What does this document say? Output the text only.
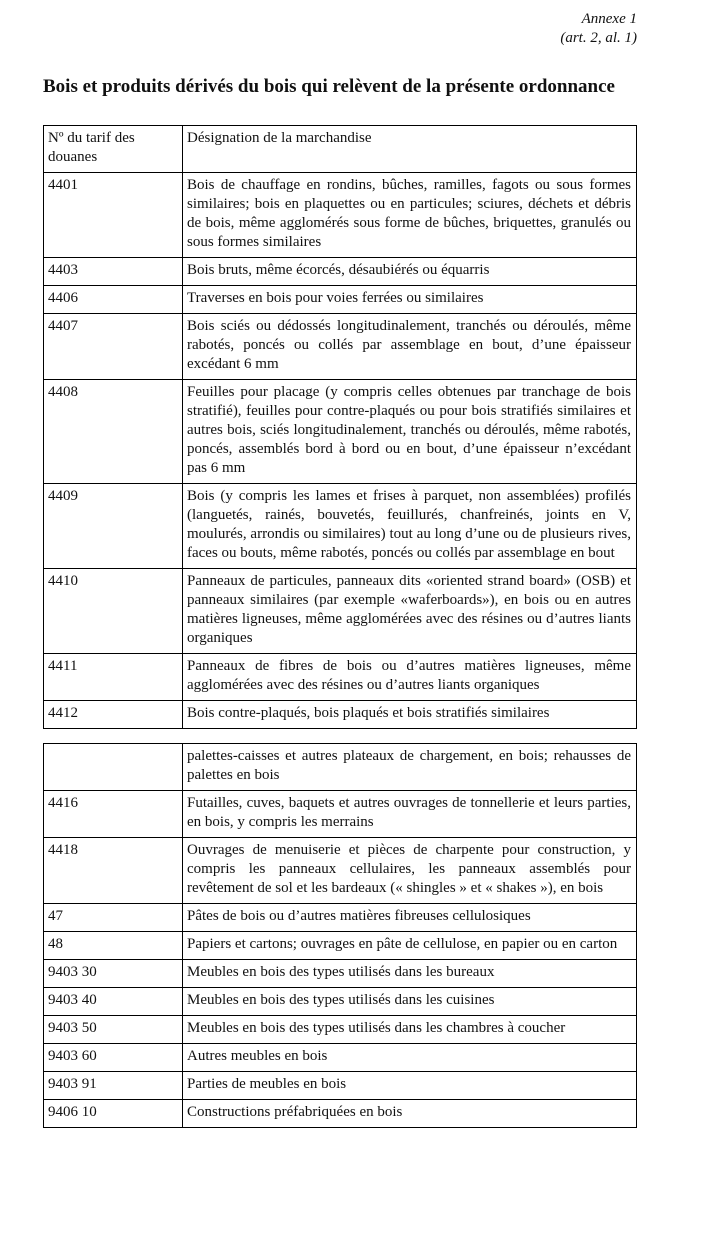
Annexe 1
(art. 2, al. 1)
Bois et produits dérivés du bois qui relèvent de la présente ordonnance
Nº du tarif des douanes	Désignation de la marchandise
4401	Bois de chauffage en rondins, bûches, ramilles, fagots ou sous formes similaires; bois en plaquettes ou en particules; sciures, déchets et débris de bois, même agglomérés sous forme de bûches, briquettes, granulés ou sous formes similaires
4403	Bois bruts, même écorcés, désaubiérés ou équarris
4406	Traverses en bois pour voies ferrées ou similaires
4407	Bois sciés ou dédossés longitudinalement, tranchés ou déroulés, même rabotés, poncés ou collés par assemblage en bout, d’une épaisseur excédant 6 mm
4408	Feuilles pour placage (y compris celles obtenues par tranchage de bois stratifié), feuilles pour contre-plaqués ou pour bois stratifiés similaires et autres bois, sciés longitudinalement, tranchés ou déroulés, même rabotés, poncés, assemblés bord à bord ou en bout, d’une épaisseur n’excédant pas 6 mm
4409	Bois (y compris les lames et frises à parquet, non assemblées) profilés (languetés, rainés, bouvetés, feuillurés, chanfreinés, joints en V, moulurés, arrondis ou similaires) tout au long d’une ou de plusieurs rives, faces ou bouts, même rabotés, poncés ou collés par assemblage en bout
4410	Panneaux de particules, panneaux dits «oriented strand board» (OSB) et panneaux similaires (par exemple «waferboards»), en bois ou en autres matières ligneuses, même agglomérées avec des résines ou d’autres liants organiques
4411	Panneaux de fibres de bois ou d’autres matières ligneuses, même agglomérées avec des résines ou d’autres liants organiques
4412	Bois contre-plaqués, bois plaqués et bois stratifiés similaires
	palettes-caisses et autres plateaux de chargement, en bois; rehausses de palettes en bois
4416	Futailles, cuves, baquets et autres ouvrages de tonnellerie et leurs parties, en bois, y compris les merrains
4418	Ouvrages de menuiserie et pièces de charpente pour construction, y compris les panneaux cellulaires, les panneaux assemblés pour revêtement de sol et les bardeaux (« shingles » et « shakes »), en bois
47	Pâtes de bois ou d’autres matières fibreuses cellulosiques
48	Papiers et cartons; ouvrages en pâte de cellulose, en papier ou en carton
9403 30	Meubles en bois des types utilisés dans les bureaux
9403 40	Meubles en bois des types utilisés dans les cuisines
9403 50	Meubles en bois des types utilisés dans les chambres à coucher
9403 60	Autres meubles en bois
9403 91	Parties de meubles en bois
9406 10	Constructions préfabriquées en bois
